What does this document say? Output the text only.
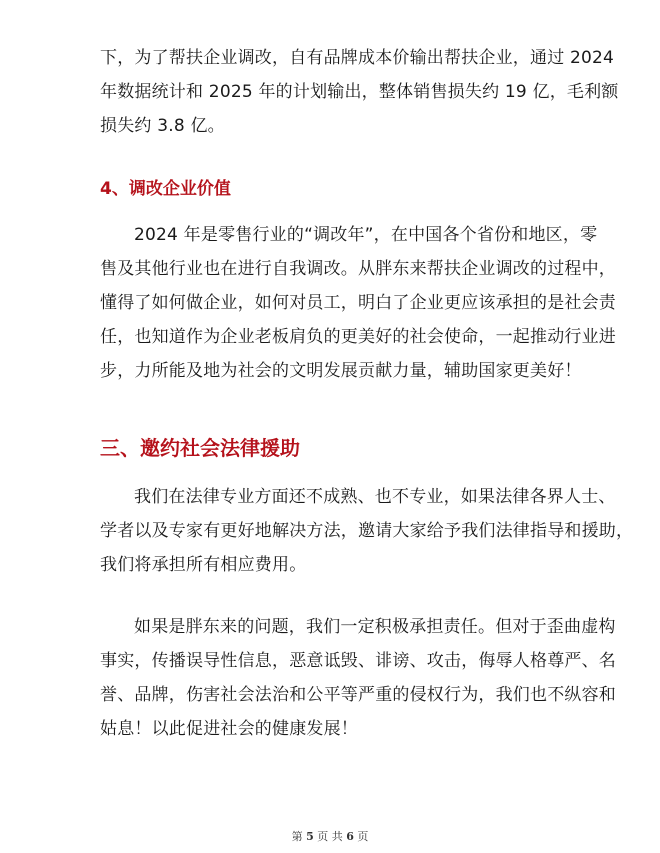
下，为了帮扶企业调改，自有品牌成本价输出帮扶企业，通过 2024
年数据统计和 2025 年的计划输出，整体销售损失约 19 亿，毛利额
损失约 3.8 亿。

4、调改企业价值

2024 年是零售行业的“调改年”，在中国各个省份和地区，零
售及其他行业也在进行自我调改。从胖东来帮扶企业调改的过程中，
懂得了如何做企业，如何对员工，明白了企业更应该承担的是社会责
任，也知道作为企业老板肩负的更美好的社会使命，一起推动行业进
步，力所能及地为社会的文明发展贡献力量，辅助国家更美好！

三、邀约社会法律援助

我们在法律专业方面还不成熟、也不专业，如果法律各界人士、
学者以及专家有更好地解决方法，邀请大家给予我们法律指导和援助，
我们将承担所有相应费用。

如果是胖东来的问题，我们一定积极承担责任。但对于歪曲虚构
事实，传播误导性信息，恶意诋毁、诽谤、攻击，侮辱人格尊严、名
誉、品牌，伤害社会法治和公平等严重的侵权行为，我们也不纵容和
姑息！以此促进社会的健康发展！

第 5 页 共 6 页
